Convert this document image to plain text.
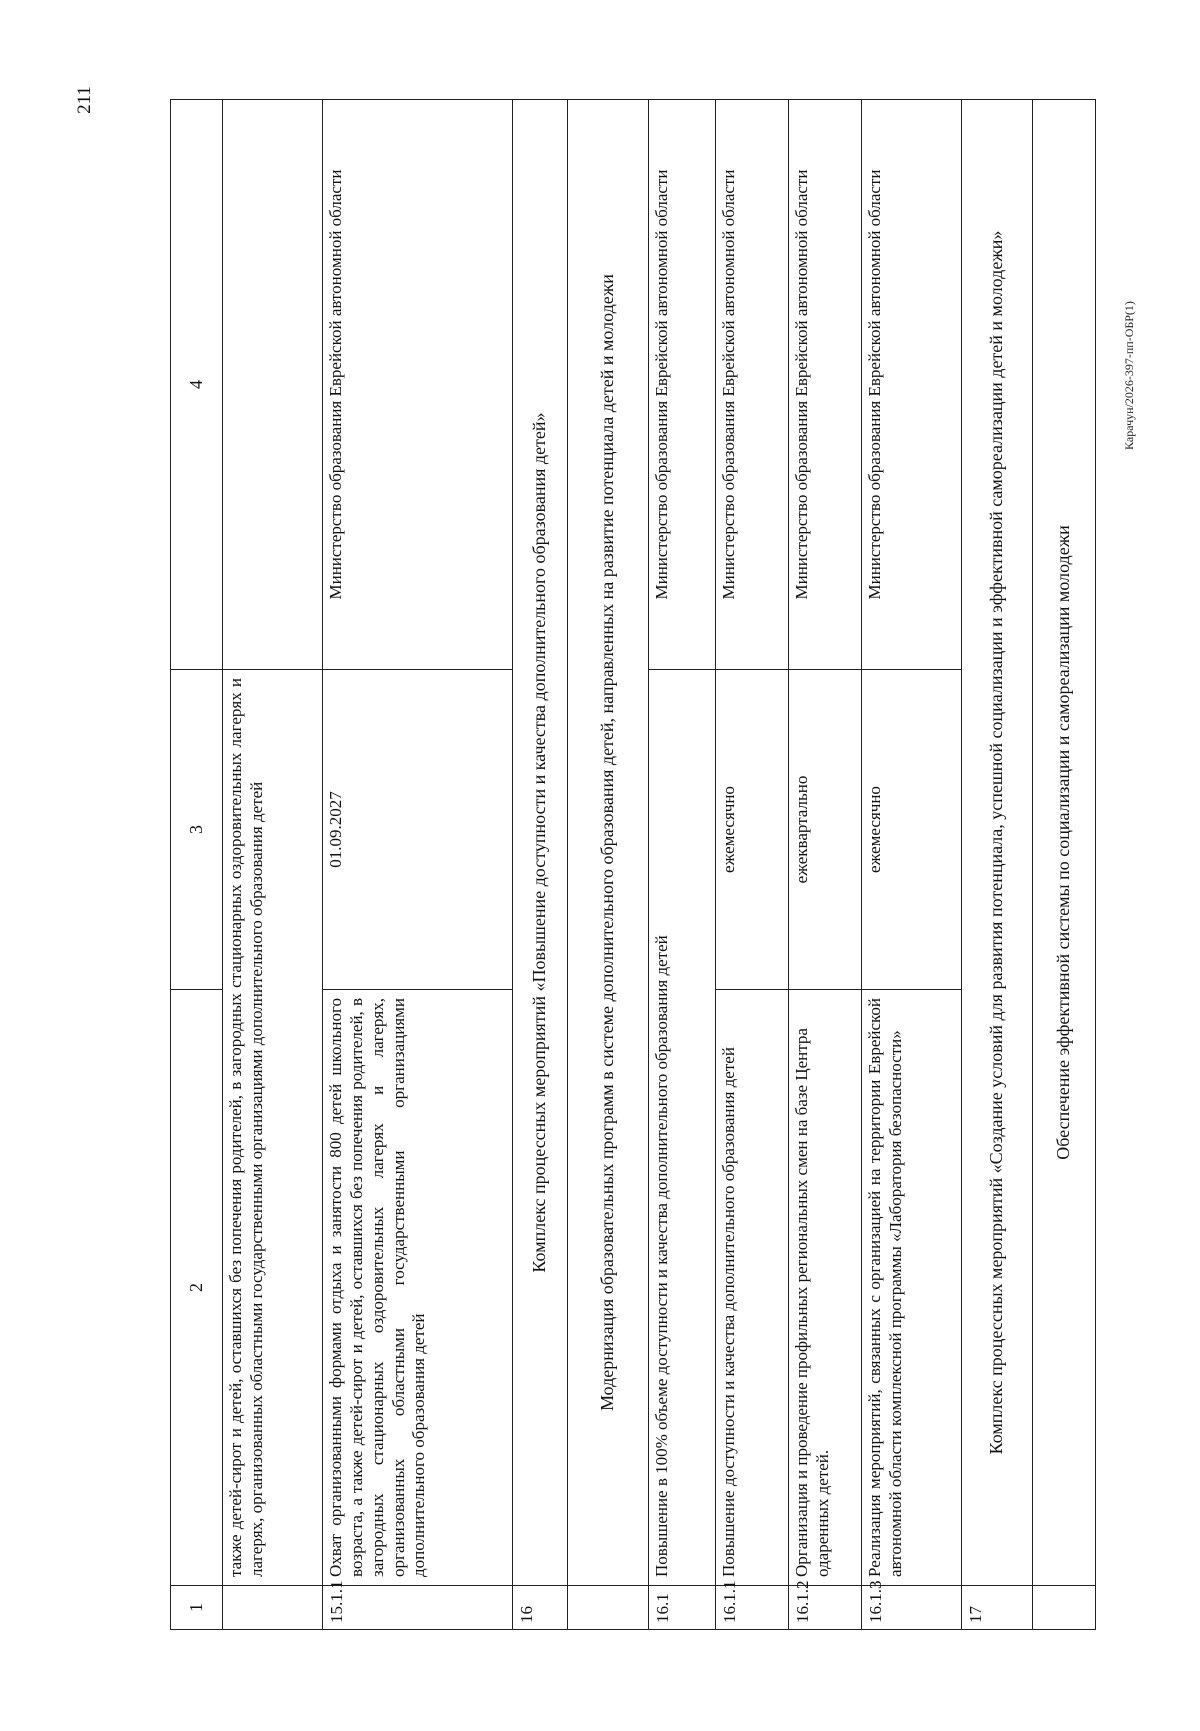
211
Карачун/2026-397-пп-ОБР(1)
1	2	3	4
	также детей-сирот и детей, оставшихся без попечения родителей, в загородных стационарных оздоровительных лагерях и лагерях, организованных областными государственными организациями дополнительного образования детей		
15.1.1	Охват организованными формами отдыха и занятости 800 детей школьного возраста, а также детей-сирот и детей, оставшихся без попечения родителей, в загородных стационарных оздоровительных лагерях и лагерях, организованных областными государственными организациями дополнительного образования детей	01.09.2027	Министерство образования Еврейской автономной области
16	Комплекс процессных мероприятий «Повышение доступности и качества дополнительного образования детей»		
	Модернизация образовательных программ в системе дополнительного образования детей, направленных на развитие потенциала детей и молодежи		
16.1	Повышение в 100% объеме доступности и качества дополнительного образования детей		Министерство образования Еврейской автономной области
16.1.1	Повышение доступности и качества дополнительного образования детей	ежемесячно	Министерство образования Еврейской автономной области
16.1.2	Организация и проведение профильных региональных смен на базе Центра одаренных детей.	ежеквартально	Министерство образования Еврейской автономной области
16.1.3	Реализация мероприятий, связанных с организацией на территории Еврейской автономной области комплексной программы «Лаборатория безопасности»	ежемесячно	Министерство образования Еврейской автономной области
17	Комплекс процессных мероприятий «Создание условий для развития потенциала, успешной социализации и эффективной самореализации детей и молодежи»		
	Обеспечение эффективной системы по социализации и самореализации молодежи		
